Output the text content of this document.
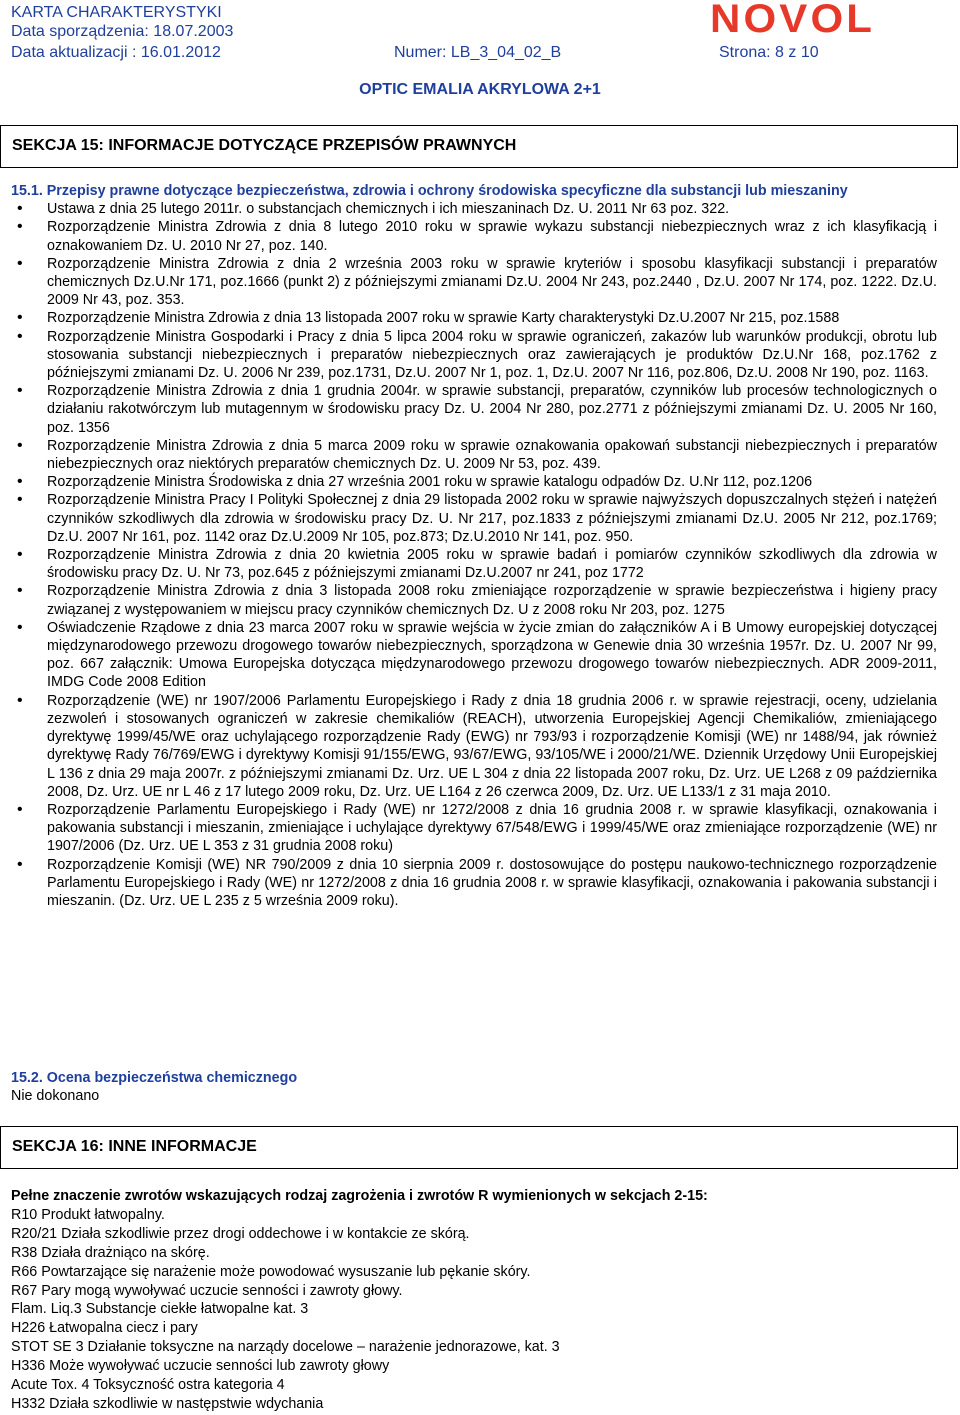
KARTA CHARAKTERYSTYKI
Data sporządzenia: 18.07.2003
Data aktualizacji : 16.01.2012	Numer: LB_3_04_02_B	Strona: 8 z 10
NOVOL
OPTIC EMALIA AKRYLOWA 2+1
SEKCJA 15: INFORMACJE DOTYCZĄCE PRZEPISÓW PRAWNYCH
15.1. Przepisy prawne dotyczące bezpieczeństwa, zdrowia i ochrony środowiska specyficzne dla substancji lub mieszaniny
• Ustawa z dnia 25 lutego 2011r. o substancjach chemicznych i ich mieszaninach Dz. U. 2011 Nr 63 poz. 322.
• Rozporządzenie Ministra Zdrowia z dnia 8 lutego 2010 roku w sprawie wykazu substancji niebezpiecznych wraz z ich klasyfikacją i oznakowaniem Dz. U. 2010 Nr 27, poz. 140.
• Rozporządzenie Ministra Zdrowia z dnia 2 września 2003 roku w sprawie kryteriów i sposobu klasyfikacji substancji i preparatów chemicznych Dz.U.Nr 171, poz.1666 (punkt 2) z późniejszymi zmianami Dz.U. 2004 Nr 243, poz.2440 , Dz.U. 2007 Nr 174, poz. 1222. Dz.U. 2009 Nr 43, poz. 353.
• Rozporządzenie Ministra Zdrowia z dnia 13 listopada 2007 roku w sprawie Karty charakterystyki Dz.U.2007 Nr 215, poz.1588
• Rozporządzenie Ministra Gospodarki i Pracy z dnia 5 lipca 2004 roku w sprawie ograniczeń, zakazów lub warunków produkcji, obrotu lub stosowania substancji niebezpiecznych i preparatów niebezpiecznych oraz zawierających je produktów Dz.U.Nr 168, poz.1762 z późniejszymi zmianami Dz. U. 2006 Nr 239, poz.1731, Dz.U. 2007 Nr 1, poz. 1, Dz.U. 2007 Nr 116, poz.806, Dz.U. 2008 Nr 190, poz. 1163.
• Rozporządzenie Ministra Zdrowia z dnia 1 grudnia 2004r. w sprawie substancji, preparatów, czynników lub procesów technologicznych o działaniu rakotwórczym lub mutagennym w środowisku pracy Dz. U. 2004 Nr 280, poz.2771 z późniejszymi zmianami Dz. U. 2005 Nr 160, poz. 1356
• Rozporządzenie Ministra Zdrowia z dnia 5 marca 2009 roku w sprawie oznakowania opakowań substancji niebezpiecznych i preparatów niebezpiecznych oraz niektórych preparatów chemicznych Dz. U. 2009 Nr 53, poz. 439.
• Rozporządzenie Ministra Środowiska z dnia 27 września 2001 roku w sprawie katalogu odpadów Dz. U.Nr 112, poz.1206
• Rozporządzenie Ministra Pracy I Polityki Społecznej z dnia 29 listopada 2002 roku w sprawie najwyższych dopuszczalnych stężeń i natężeń czynników szkodliwych dla zdrowia w środowisku pracy Dz. U. Nr 217, poz.1833 z późniejszymi zmianami Dz.U. 2005 Nr 212, poz.1769; Dz.U. 2007 Nr 161, poz. 1142 oraz Dz.U.2009 Nr 105, poz.873; Dz.U.2010 Nr 141, poz. 950.
• Rozporządzenie Ministra Zdrowia z dnia 20 kwietnia 2005 roku w sprawie badań i pomiarów czynników szkodliwych dla zdrowia w środowisku pracy Dz. U. Nr 73, poz.645 z późniejszymi zmianami Dz.U.2007 nr 241, poz 1772
• Rozporządzenie Ministra Zdrowia z dnia 3 listopada 2008 roku zmieniające rozporządzenie w sprawie bezpieczeństwa i higieny pracy związanej z występowaniem w miejscu pracy czynników chemicznych Dz. U z 2008 roku Nr 203, poz. 1275
• Oświadczenie Rządowe z dnia 23 marca 2007 roku w sprawie wejścia w życie zmian do załączników A i B Umowy europejskiej dotyczącej międzynarodowego przewozu drogowego towarów niebezpiecznych, sporządzona w Genewie dnia 30 września 1957r. Dz. U. 2007 Nr 99, poz. 667 załącznik: Umowa Europejska dotycząca międzynarodowego przewozu drogowego towarów niebezpiecznych. ADR 2009-2011, IMDG Code 2008 Edition
• Rozporządzenie (WE) nr 1907/2006 Parlamentu Europejskiego i Rady z dnia 18 grudnia 2006 r. w sprawie rejestracji, oceny, udzielania zezwoleń i stosowanych ograniczeń w zakresie chemikaliów (REACH), utworzenia Europejskiej Agencji Chemikaliów, zmieniającego dyrektywę 1999/45/WE oraz uchylającego rozporządzenie Rady (EWG) nr 793/93 i rozporządzenie Komisji (WE) nr 1488/94, jak również dyrektywę Rady 76/769/EWG i dyrektywy Komisji 91/155/EWG, 93/67/EWG, 93/105/WE i 2000/21/WE. Dziennik Urzędowy Unii Europejskiej L 136 z dnia 29 maja 2007r. z późniejszymi zmianami Dz. Urz. UE L 304 z dnia 22 listopada 2007 roku, Dz. Urz. UE L268 z 09 października 2008, Dz. Urz. UE nr L 46 z 17 lutego 2009 roku, Dz. Urz. UE L164 z 26 czerwca 2009, Dz. Urz. UE L133/1 z 31 maja 2010.
• Rozporządzenie Parlamentu Europejskiego i Rady (WE) nr 1272/2008 z dnia 16 grudnia 2008 r. w sprawie klasyfikacji, oznakowania i pakowania substancji i mieszanin, zmieniające i uchylające dyrektywy 67/548/EWG i 1999/45/WE oraz zmieniające rozporządzenie (WE) nr 1907/2006 (Dz. Urz. UE L 353 z 31 grudnia 2008 roku)
• Rozporządzenie Komisji (WE) NR 790/2009 z dnia 10 sierpnia 2009 r. dostosowujące do postępu naukowo-technicznego rozporządzenie Parlamentu Europejskiego i Rady (WE) nr 1272/2008 z dnia 16 grudnia 2008 r. w sprawie klasyfikacji, oznakowania i pakowania substancji i mieszanin. (Dz. Urz. UE L 235 z 5 września 2009 roku).
15.2. Ocena bezpieczeństwa chemicznego
Nie dokonano
SEKCJA 16: INNE INFORMACJE
Pełne znaczenie zwrotów wskazujących rodzaj zagrożenia i zwrotów R wymienionych w sekcjach 2-15:
R10 Produkt łatwopalny.
R20/21 Działa szkodliwie przez drogi oddechowe i w kontakcie ze skórą.
R38 Działa drażniąco na skórę.
R66 Powtarzające się narażenie może powodować wysuszanie lub pękanie skóry.
R67 Pary mogą wywoływać uczucie senności i zawroty głowy.
Flam. Liq.3 Substancje ciekłe łatwopalne kat. 3
H226 Łatwopalna ciecz i pary
STOT SE 3 Działanie toksyczne na narządy docelowe – narażenie jednorazowe, kat. 3
H336 Może wywoływać uczucie senności lub zawroty głowy
Acute Tox. 4 Toksyczność ostra kategoria 4
H332 Działa szkodliwie w następstwie wdychania
